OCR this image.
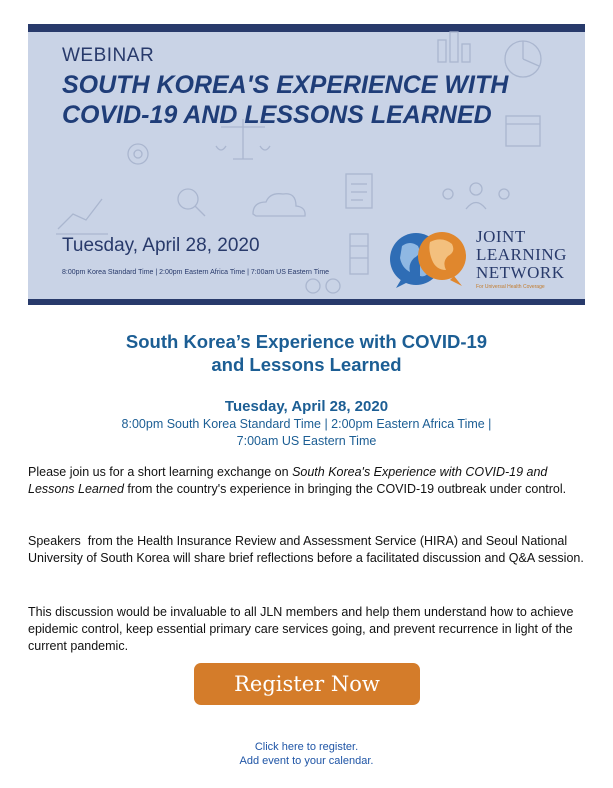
WEBINAR
SOUTH KOREA'S EXPERIENCE WITH
COVID-19 AND LESSONS LEARNED
Tuesday, April 28, 2020
8:00pm Korea Standard Time | 2:00pm Eastern Africa Time | 7:00am US Eastern Time
JOINT
LEARNING
NETWORK
For Universal Health Coverage
South Korea’s Experience with COVID-19
and Lessons Learned
Tuesday, April 28, 2020
8:00pm South Korea Standard Time | 2:00pm Eastern Africa Time |
7:00am US Eastern Time
Please join us for a short learning exchange on South Korea's Experience with COVID-19 and Lessons Learned from the country's experience in bringing the COVID-19 outbreak under control.
Speakers  from the Health Insurance Review and Assessment Service (HIRA) and Seoul National University of South Korea will share brief reflections before a facilitated discussion and Q&A session.
This discussion would be invaluable to all JLN members and help them understand how to achieve epidemic control, keep essential primary care services going, and prevent recurrence in light of the current pandemic.
Register Now
Click here to register.
Add event to your calendar.
